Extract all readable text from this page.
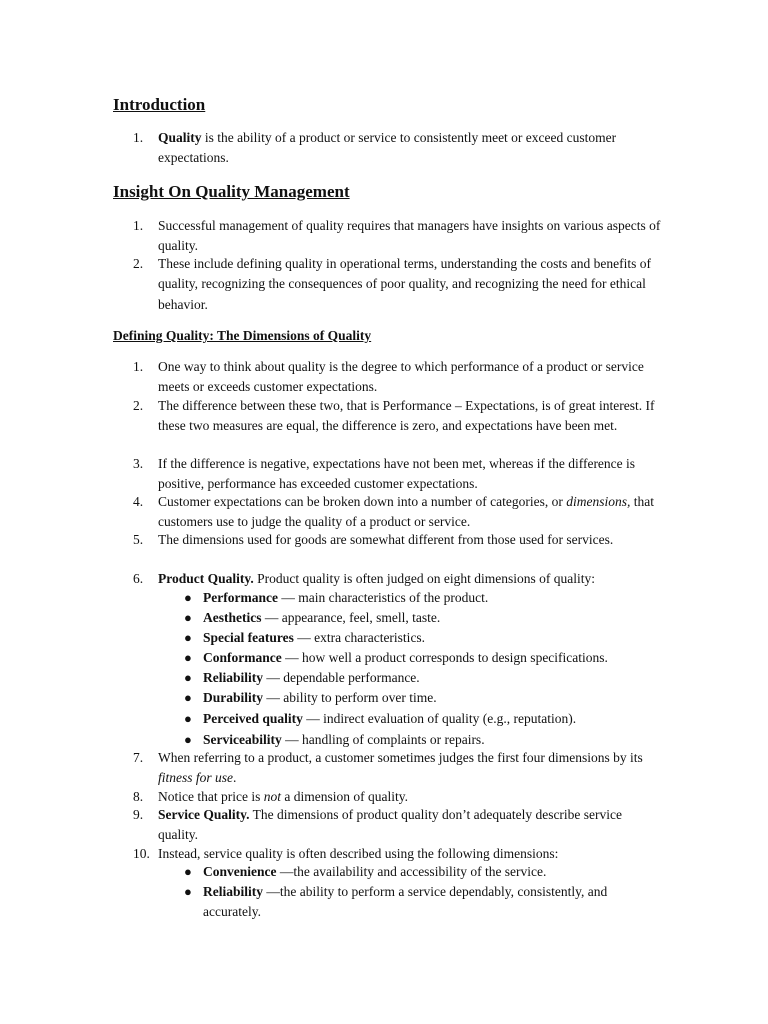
Introduction
1.	Quality is the ability of a product or service to consistently meet or exceed customer expectations.
Insight On Quality Management
1.	Successful management of quality requires that managers have insights on various aspects of quality.
2.	These include defining quality in operational terms, understanding the costs and benefits of quality, recognizing the consequences of poor quality, and recognizing the need for ethical behavior.
Defining Quality: The Dimensions of Quality
1.	One way to think about quality is the degree to which performance of a product or service meets or exceeds customer expectations.
2.	The difference between these two, that is Performance – Expectations, is of great interest. If these two measures are equal, the difference is zero, and expectations have been met.
3.	If the difference is negative, expectations have not been met, whereas if the difference is positive, performance has exceeded customer expectations.
4.	Customer expectations can be broken down into a number of categories, or dimensions, that customers use to judge the quality of a product or service.
5.	The dimensions used for goods are somewhat different from those used for services.
6.	Product Quality. Product quality is often judged on eight dimensions of quality:
● Performance — main characteristics of the product.
● Aesthetics — appearance, feel, smell, taste.
● Special features — extra characteristics.
● Conformance — how well a product corresponds to design specifications.
● Reliability — dependable performance.
● Durability — ability to perform over time.
● Perceived quality — indirect evaluation of quality (e.g., reputation).
● Serviceability — handling of complaints or repairs.
7.	When referring to a product, a customer sometimes judges the first four dimensions by its fitness for use.
8.	Notice that price is not a dimension of quality.
9.	Service Quality. The dimensions of product quality don’t adequately describe service quality.
10. Instead, service quality is often described using the following dimensions:
● Convenience —the availability and accessibility of the service.
● Reliability —the ability to perform a service dependably, consistently, and accurately.
